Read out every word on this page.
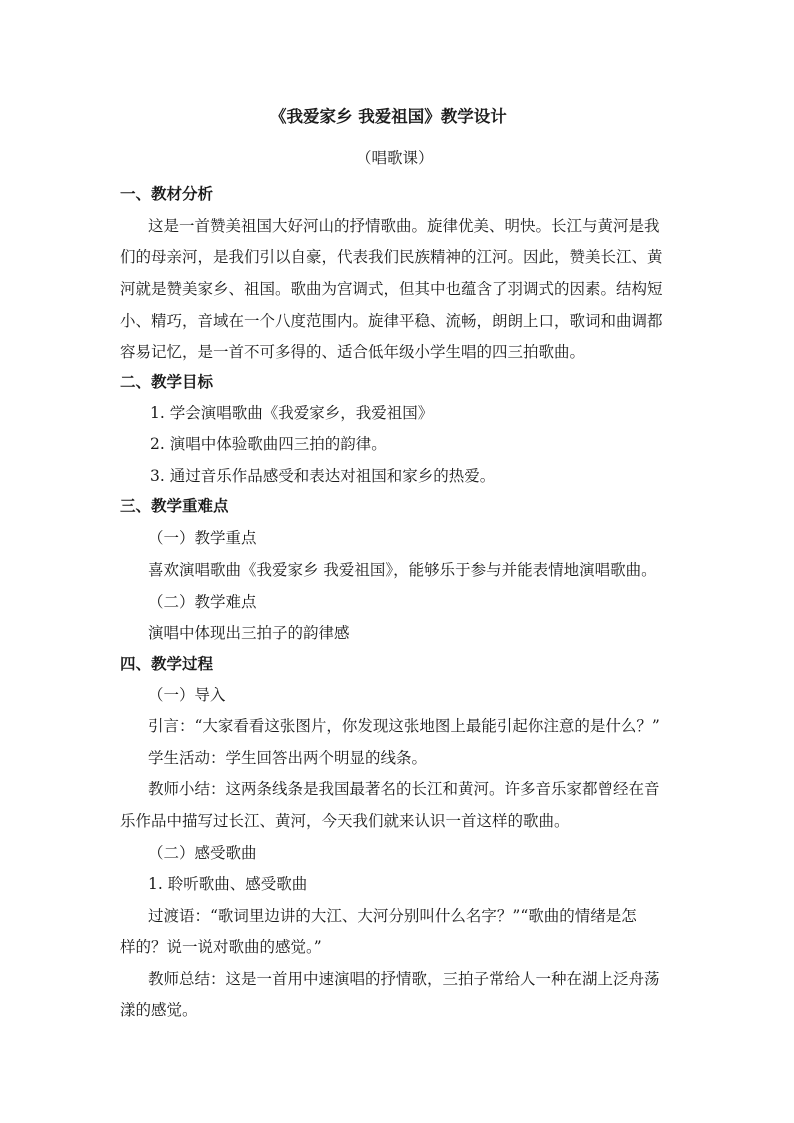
《我爱家乡 我爱祖国》教学设计
（唱歌课）
一、教材分析
这是一首赞美祖国大好河山的抒情歌曲。旋律优美、明快。长江与黄河是我
们的母亲河，是我们引以自豪，代表我们民族精神的江河。因此，赞美长江、黄
河就是赞美家乡、祖国。歌曲为宫调式，但其中也蕴含了羽调式的因素。结构短
小、精巧，音域在一个八度范围内。旋律平稳、流畅，朗朗上口，歌词和曲调都
容易记忆，是一首不可多得的、适合低年级小学生唱的四三拍歌曲。
二、教学目标
1. 学会演唱歌曲《我爱家乡，我爱祖国》
2. 演唱中体验歌曲四三拍的韵律。
3. 通过音乐作品感受和表达对祖国和家乡的热爱。
三、教学重难点
（一）教学重点
喜欢演唱歌曲《我爱家乡 我爱祖国》，能够乐于参与并能表情地演唱歌曲。
（二）教学难点
演唱中体现出三拍子的韵律感
四、教学过程
（一）导入
引言：“大家看看这张图片，你发现这张地图上最能引起你注意的是什么？”
学生活动：学生回答出两个明显的线条。
教师小结：这两条线条是我国最著名的长江和黄河。许多音乐家都曾经在音
乐作品中描写过长江、黄河，今天我们就来认识一首这样的歌曲。
（二）感受歌曲
1. 聆听歌曲、感受歌曲
过渡语：“歌词里边讲的大江、大河分别叫什么名字？”“歌曲的情绪是怎
样的？说一说对歌曲的感觉。”
教师总结：这是一首用中速演唱的抒情歌，三拍子常给人一种在湖上泛舟荡
漾的感觉。
